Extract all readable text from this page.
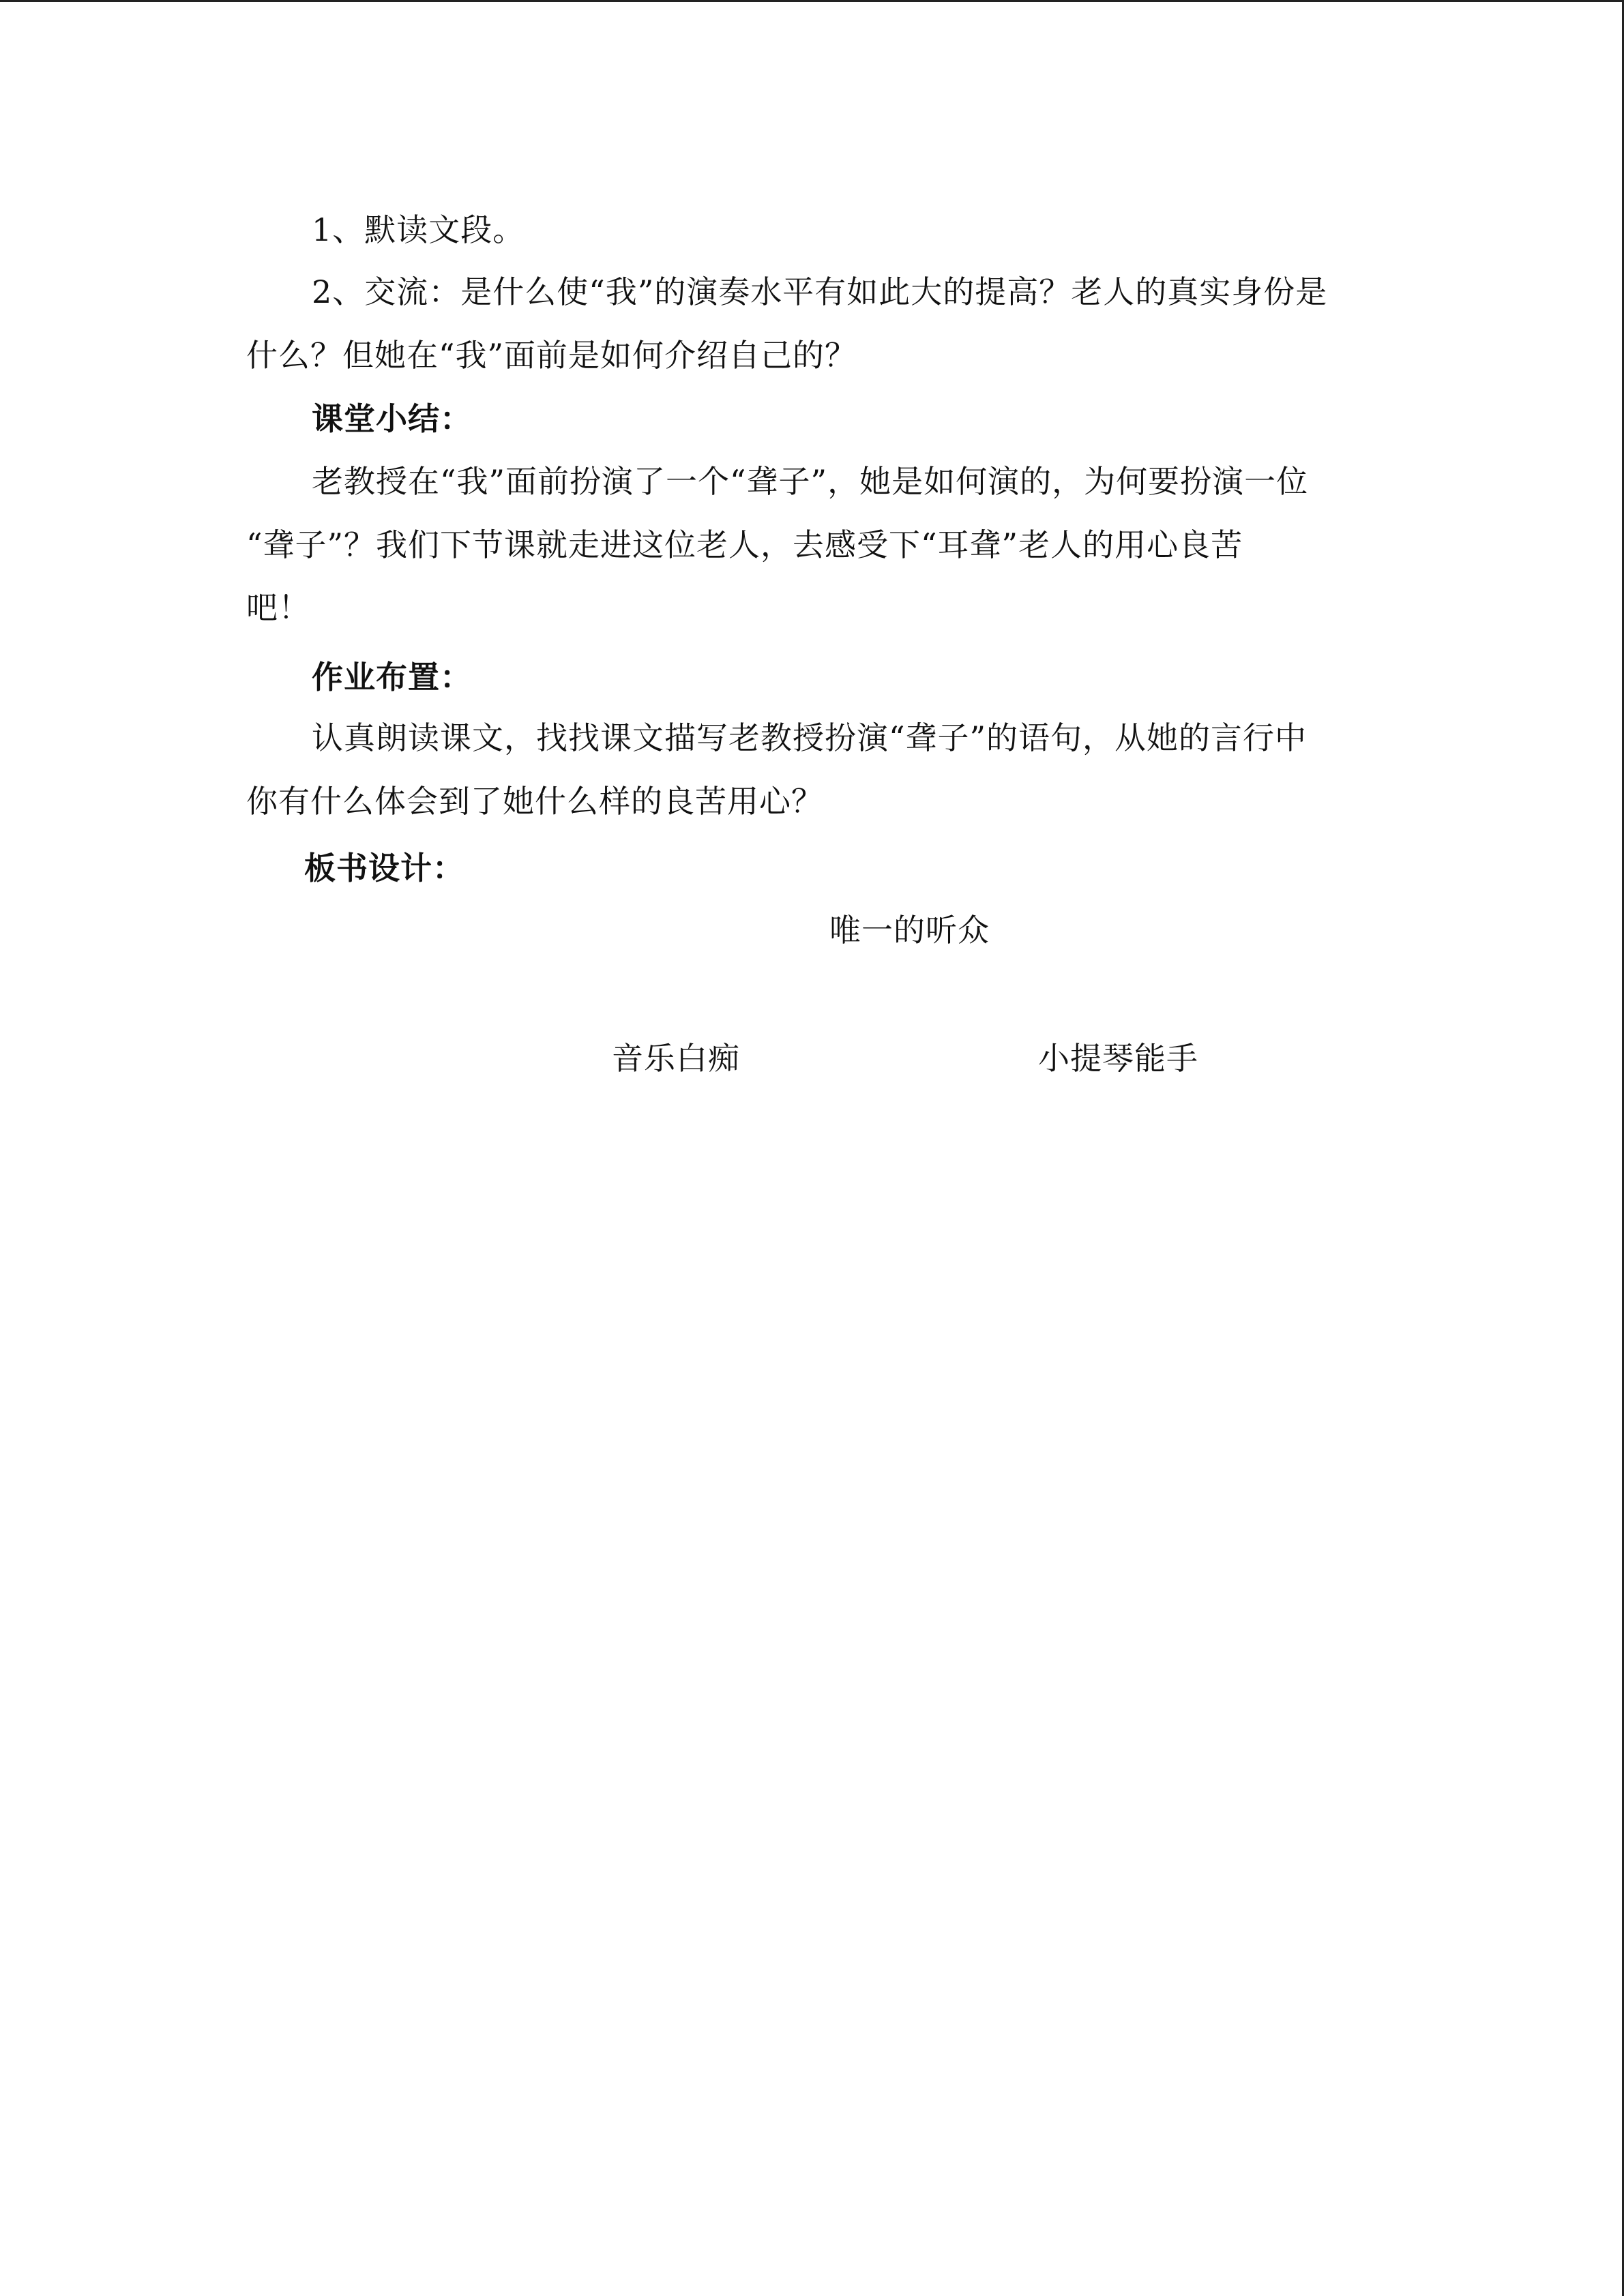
1、默读文段。
2、交流：是什么使“我”的演奏水平有如此大的提高？老人的真实身份是
什么？但她在“我”面前是如何介绍自己的？
课堂小结：
老教授在“我”面前扮演了一个“聋子”，她是如何演的，为何要扮演一位
“聋子”？我们下节课就走进这位老人，去感受下“耳聋”老人的用心良苦
吧！
作业布置：
认真朗读课文，找找课文描写老教授扮演“聋子”的语句，从她的言行中
你有什么体会到了她什么样的良苦用心？
板书设计：
唯一的听众
音乐白痴	小提琴能手
